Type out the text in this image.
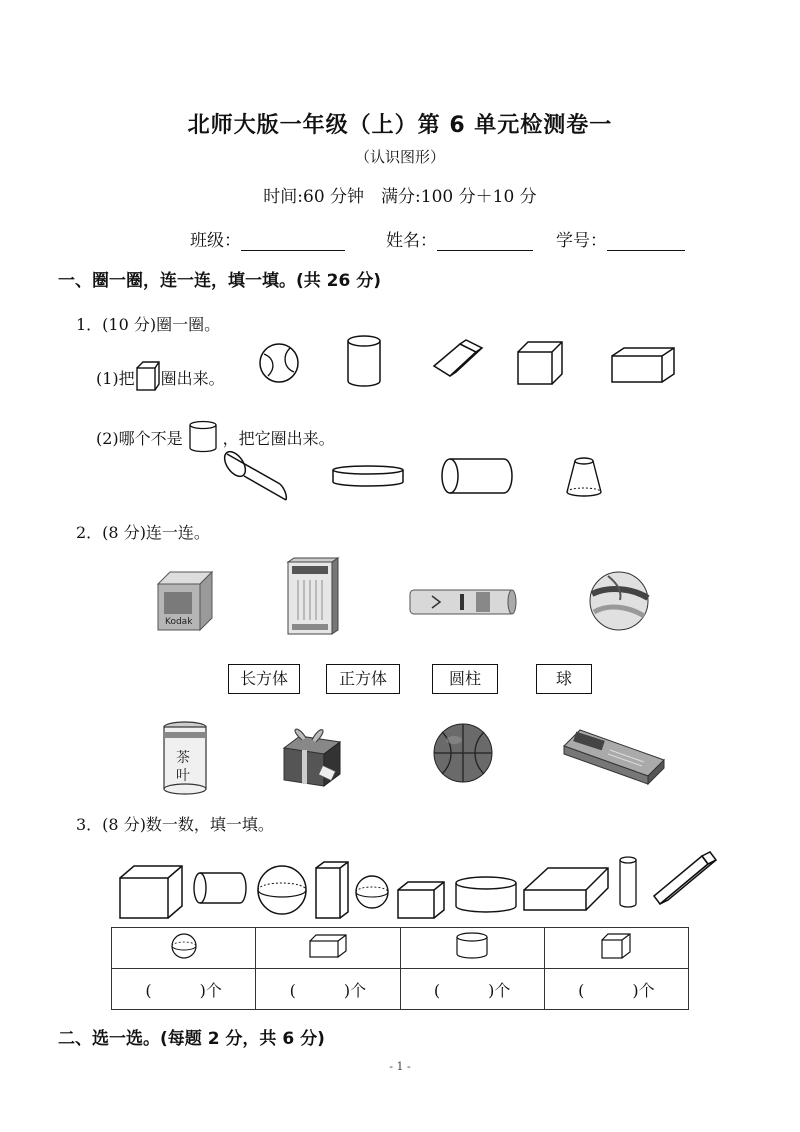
北师大版一年级（上）第 6 单元检测卷一
（认识图形）
时间:60 分钟　满分:100 分＋10 分
班级：	姓名：	学号：
一、圈一圈，连一连，填一填。(共 26 分)
1．(10 分)圈一圈。
(1)把 圈出来。
(2)哪个不是	，把它圈出来。
2．(8 分)连一连。
Kodak
长方体	正方体	圆柱	球
茶
叶
3．(8 分)数一数，填一填。

(　　　)个	(　　　)个	(　　　)个	(　　　)个
二、选一选。(每题 2 分，共 6 分)
- 1 -
